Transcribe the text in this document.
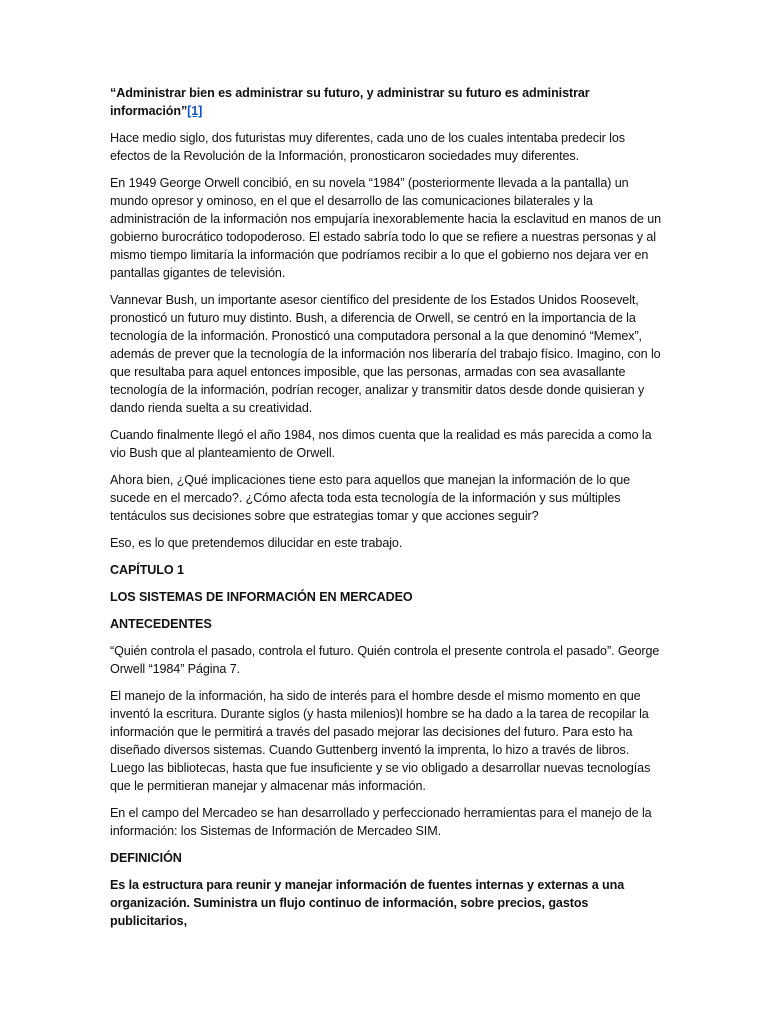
“Administrar bien es administrar su futuro, y administrar su futuro es administrar información”[1]

Hace medio siglo, dos futuristas muy diferentes, cada uno de los cuales intentaba predecir los efectos de la Revolución de la Información, pronosticaron sociedades muy diferentes.

En 1949 George Orwell concibió, en su novela “1984” (posteriormente llevada a la pantalla) un mundo opresor y ominoso, en el que el desarrollo de las comunicaciones bilaterales y la administración de la información nos empujaría inexorablemente hacia la esclavitud en manos de un gobierno burocrático todopoderoso. El estado sabría todo lo que se refiere a nuestras personas y al mismo tiempo limitaría la información que podríamos recibir a lo que el gobierno nos dejara ver en pantallas gigantes de televisión.

Vannevar Bush, un importante asesor científico del presidente de los Estados Unidos Roosevelt, pronosticó un futuro muy distinto. Bush, a diferencia de Orwell, se centró en la importancia de la tecnología de la información. Pronosticó una computadora personal a la que denominó “Memex”, además de prever que la tecnología de la información nos liberaría del trabajo físico. Imagino, con lo que resultaba para aquel entonces imposible, que las personas, armadas con sea avasallante tecnología de la información, podrían recoger, analizar y transmitir datos desde donde quisieran y dando rienda suelta a su creatividad.

Cuando finalmente llegó el año 1984, nos dimos cuenta que la realidad es más parecida a como la vio Bush que al planteamiento de Orwell.

Ahora bien, ¿Qué implicaciones tiene esto para aquellos que manejan la información de lo que sucede en el mercado?. ¿Cómo afecta toda esta tecnología de la información y sus múltiples tentáculos sus decisiones sobre que estrategias tomar y que acciones seguir?

Eso, es lo que pretendemos dilucidar en este trabajo.

CAPÍTULO 1

LOS SISTEMAS DE INFORMACIÓN EN MERCADEO

ANTECEDENTES

“Quién controla el pasado, controla el futuro. Quién controla el presente controla el pasado”. George Orwell “1984” Página 7.

El manejo de la información, ha sido de interés para el hombre desde el mismo momento en que inventó la escritura. Durante siglos (y hasta milenios)l hombre se ha dado a la tarea de recopilar la información que le permitirá a través del pasado mejorar las decisiones del futuro. Para esto ha diseñado diversos sistemas. Cuando Guttenberg inventó la imprenta, lo hizo a través de libros. Luego las bibliotecas, hasta que fue insuficiente y se vio obligado a desarrollar nuevas tecnologías que le permitieran manejar y almacenar más información.

En el campo del Mercadeo se han desarrollado y perfeccionado herramientas para el manejo de la información: los Sistemas de Información de Mercadeo SIM.

DEFINICIÓN

Es la estructura para reunir y manejar información de fuentes internas y externas a una organización. Suministra un flujo continuo de información, sobre precios, gastos publicitarios,
